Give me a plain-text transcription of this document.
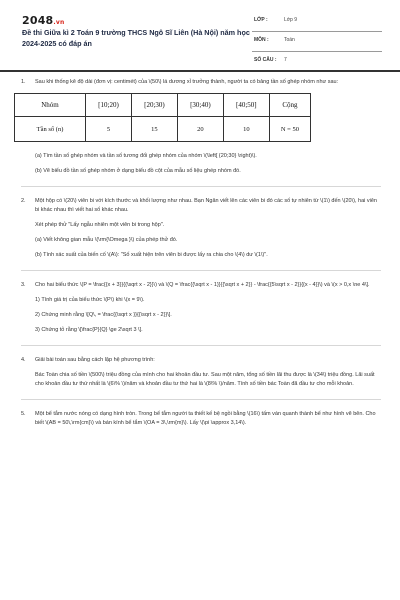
2048.vn
Đề thi Giữa kì 2 Toán 9 trường THCS Ngô Sĩ Liên (Hà Nội) năm học 2024-2025 có đáp án
LỚP :	Lớp 9
MÔN :	Toán
SỐ CÂU : 7
1. Sau khi thống kê độ dài (đơn vị: centimét) của \(50\) lá dương xỉ trưởng thành, người ta có bảng tần số ghép nhóm như sau:

Nhóm	[10;20)	[20;30)	[30;40)	[40;50]	Cộng
Tần số (n)	5	15	20	10	N = 50

(a) Tìm tần số ghép nhóm và tần số tương đối ghép nhóm của nhóm \(\left[ {20;30} \right)\).

(b) Vẽ biểu đồ tần số ghép nhóm ở dạng biểu đồ cột của mẫu số liệu ghép nhóm đó.

2. Một hộp có \(20\) viên bi với kích thước và khối lượng như nhau. Bạn Ngân viết lên các viên bi đó các số tự nhiên từ \(1\) đến \(20\), hai viên bi khác nhau thì viết hai số khác nhau.

Xét phép thử "Lấy ngẫu nhiên một viên bi trong hộp".

(a) Viết không gian mẫu \(\rm{\Omega }\) của phép thử đó.

(b) Tính xác suất của biến cố \(A\): "Số xuất hiện trên viên bi được lấy ra chia cho \(4\) dư \(1\)".

3. Cho hai biểu thức \(P = \frac{{x + 3}}{{\sqrt x - 2}}\) và \(Q = \frac{{\sqrt x - 1}}{{\sqrt x + 2}} - \frac{{5\sqrt x - 2}}{{x - 4}}\) và \(x > 0,x \ne 4\].

1) Tính giá trị của biểu thức \(P\) khi \(x = 9\).

2) Chứng minh rằng \[Q\, = \frac{{\sqrt x }}{{\sqrt x - 2}}\].

3) Chứng tỏ rằng \[\frac{P}{Q} \ge 2\sqrt 3 \].

4. Giải bài toán sau bằng cách lập hệ phương trình:

Bác Toàn chia số tiền \(500\) triệu đồng của mình cho hai khoản đầu tư. Sau một năm, tổng số tiền lãi thu được là \(34\) triệu đồng. Lãi suất cho khoản đầu tư thứ nhất là \(6\% \)/năm và khoản đầu tư thứ hai là \(8\% \)/năm. Tính số tiền bác Toàn đã đầu tư cho mỗi khoản.

5. Một bể tắm nước nóng có dạng hình tròn. Trong bể tắm người ta thiết kế bệ ngồi bằng \(16\) tấm ván quanh thành bể như hình vẽ bên. Cho biết \(AB = 50\,\rm{cm}\) và bán kính bể tắm \(OA = 3\,\rm{m}\). Lấy \(\pi \approx 3,14\).
